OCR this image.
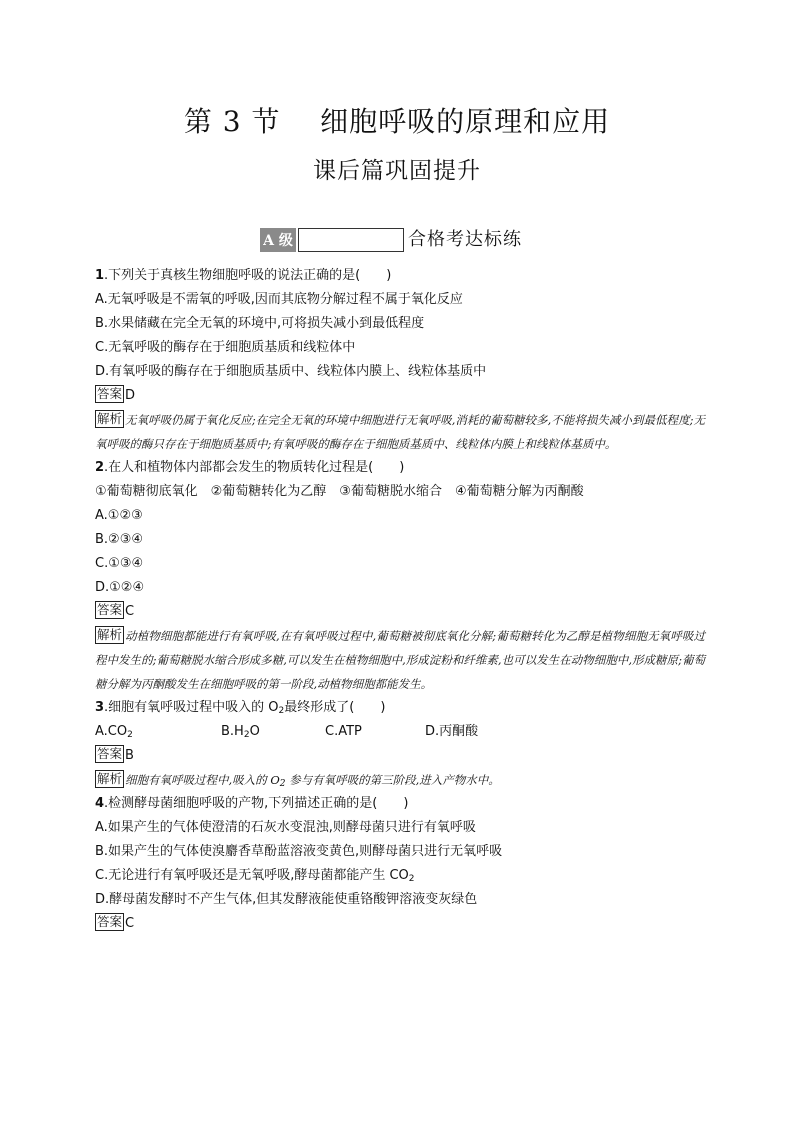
第 3 节    细胞呼吸的原理和应用
课后篇巩固提升
A 级	合格考达标练
1.下列关于真核生物细胞呼吸的说法正确的是(　　)
A.无氧呼吸是不需氧的呼吸,因而其底物分解过程不属于氧化反应
B.水果储藏在完全无氧的环境中,可将损失减小到最低程度
C.无氧呼吸的酶存在于细胞质基质和线粒体中
D.有氧呼吸的酶存在于细胞质基质中、线粒体内膜上、线粒体基质中
答案 D
解析 无氧呼吸仍属于氧化反应;在完全无氧的环境中细胞进行无氧呼吸,消耗的葡萄糖较多,不能将损失减小到最低程度;无氧呼吸的酶只存在于细胞质基质中;有氧呼吸的酶存在于细胞质基质中、线粒体内膜上和线粒体基质中。
2.在人和植物体内部都会发生的物质转化过程是(　　)
①葡萄糖彻底氧化　②葡萄糖转化为乙醇　③葡萄糖脱水缩合　④葡萄糖分解为丙酮酸
A.①②③
B.②③④
C.①③④
D.①②④
答案 C
解析 动植物细胞都能进行有氧呼吸,在有氧呼吸过程中,葡萄糖被彻底氧化分解;葡萄糖转化为乙醇是植物细胞无氧呼吸过程中发生的;葡萄糖脱水缩合形成多糖,可以发生在植物细胞中,形成淀粉和纤维素,也可以发生在动物细胞中,形成糖原;葡萄糖分解为丙酮酸发生在细胞呼吸的第一阶段,动植物细胞都能发生。
3.细胞有氧呼吸过程中吸入的 $O_2$最终形成了(　　)
$A.CO_2$	$B.H_2O$	C.ATP	D.丙酮酸
答案 B
解析 细胞有氧呼吸过程中,吸入的 $O_2$ 参与有氧呼吸的第三阶段,进入产物水中。
4.检测酵母菌细胞呼吸的产物,下列描述正确的是(　　)
A.如果产生的气体使澄清的石灰水变混浊,则酵母菌只进行有氧呼吸
B.如果产生的气体使溴麝香草酚蓝溶液变黄色,则酵母菌只进行无氧呼吸
C.无论进行有氧呼吸还是无氧呼吸,酵母菌都能产生 $CO_2$
D.酵母菌发酵时不产生气体,但其发酵液能使重铬酸钾溶液变灰绿色
答案 C
